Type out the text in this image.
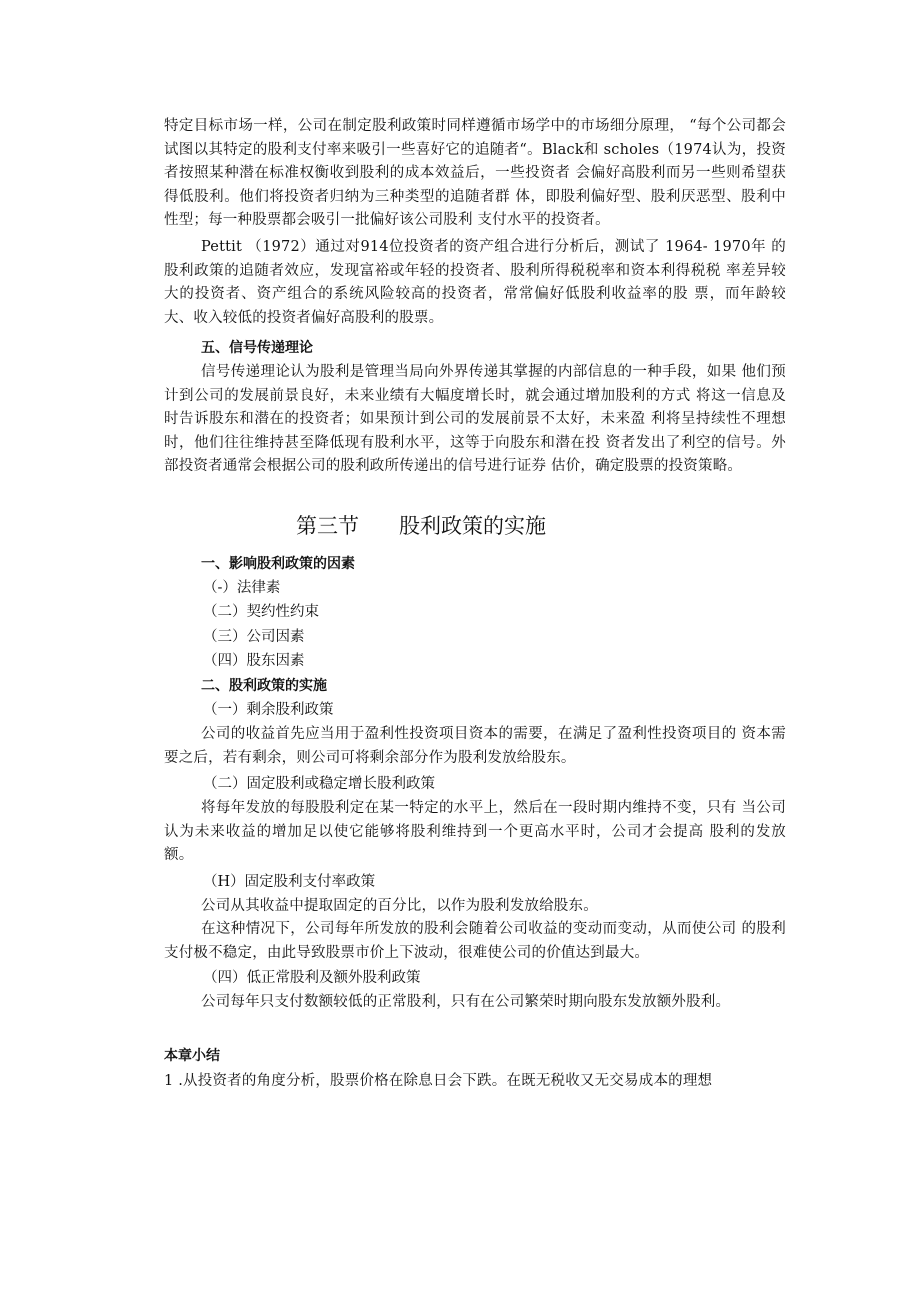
特定目标市场一样，公司在制定股利政策时同样遵循市场学中的市场细分原理， “每个公司都会试图以其特定的股利支付率来吸引一些喜好它的追随者“。Black和 scholes（1974认为，投资者按照某种潜在标准权衡收到股利的成本效益后，一些投资者 会偏好高股利而另一些则希望获得低股利。他们将投资者归纳为三种类型的追随者群 体，即股利偏好型、股利厌恶型、股利中性型；每一种股票都会吸引一批偏好该公司股利 支付水平的投资者。

Pettit （1972）通过对914位投资者的资产组合进行分析后，测试了 1964- 1970年 的股利政策的追随者效应，发现富裕或年轻的投资者、股利所得税税率和资本利得税税 率差异较大的投资者、资产组合的系统风险较高的投资者，常常偏好低股利收益率的股 票，而年龄较大、收入较低的投资者偏好高股利的股票。

五、信号传递理论

信号传递理论认为股利是管理当局向外界传递其掌握的内部信息的一种手段，如果 他们预计到公司的发展前景良好，未来业绩有大幅度增长时，就会通过增加股利的方式 将这一信息及时告诉股东和潜在的投资者；如果预计到公司的发展前景不太好，未来盈 利将呈持续性不理想时，他们往往维持甚至降低现有股利水平，这等于向股东和潜在投 资者发出了利空的信号。外部投资者通常会根据公司的股利政所传递出的信号进行证券 估价，确定股票的投资策略。

第三节      股利政策的实施

一、影响股利政策的因素

（-）法律素

（二）契约性约束

（三）公司因素

（四）股东因素

二、股利政策的实施

（一）剩余股利政策

公司的收益首先应当用于盈利性投资项目资本的需要，在满足了盈利性投资项目的 资本需要之后，若有剩余，则公司可将剩余部分作为股利发放给股东。

（二）固定股利或稳定增长股利政策

将每年发放的每股股利定在某一特定的水平上，然后在一段时期内维持不变，只有 当公司认为未来收益的增加足以使它能够将股利维持到一个更高水平时，公司才会提高 股利的发放额。

（H）固定股利支付率政策

公司从其收益中提取固定的百分比，以作为股利发放给股东。

在这种情况下，公司每年所发放的股利会随着公司收益的变动而变动，从而使公司 的股利支付极不稳定，由此导致股票市价上下波动，很难使公司的价值达到最大。

（四）低正常股利及额外股利政策

公司每年只支付数额较低的正常股利，只有在公司繁荣时期向股东发放额外股利。

本章小结

1 .从投资者的角度分析，股票价格在除息日会下跌。在既无税收又无交易成本的理想
